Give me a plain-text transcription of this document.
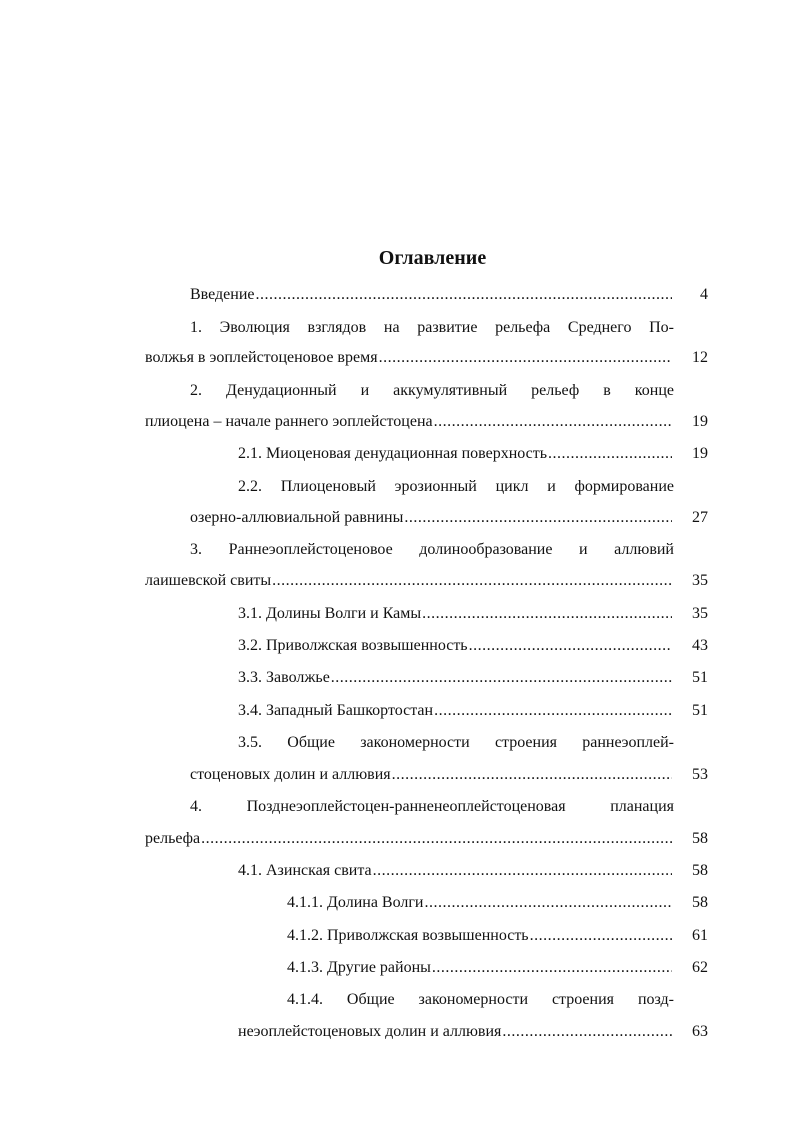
Оглавление
Введение .....	4
1. Эволюция взглядов на развитие рельефа Среднего По-
волжья в эоплейстоценовое время .....	12
2. Денудационный и аккумулятивный рельеф в конце
плиоцена – начале раннего эоплейстоцена .....	19
2.1. Миоценовая денудационная поверхность .....	19
2.2. Плиоценовый эрозионный цикл и формирование
озерно-аллювиальной равнины .....	27
3. Раннеэоплейстоценовое долинообразование и аллювий
лаишевской свиты .....	35
3.1. Долины Волги и Камы .....	35
3.2. Приволжская возвышенность .....	43
3.3. Заволжье .....	51
3.4. Западный Башкортостан .....	51
3.5. Общие закономерности строения раннеэоплей-
стоценовых долин и аллювия .....	53
4. Позднеэоплейстоцен-ранненеоплейстоценовая планация
рельефа .....	58
4.1. Азинская свита .....	58
4.1.1. Долина Волги .....	58
4.1.2. Приволжская возвышенность .....	61
4.1.3. Другие районы .....	62
4.1.4. Общие закономерности строения позд-
неэоплейстоценовых долин и аллювия .....	63
